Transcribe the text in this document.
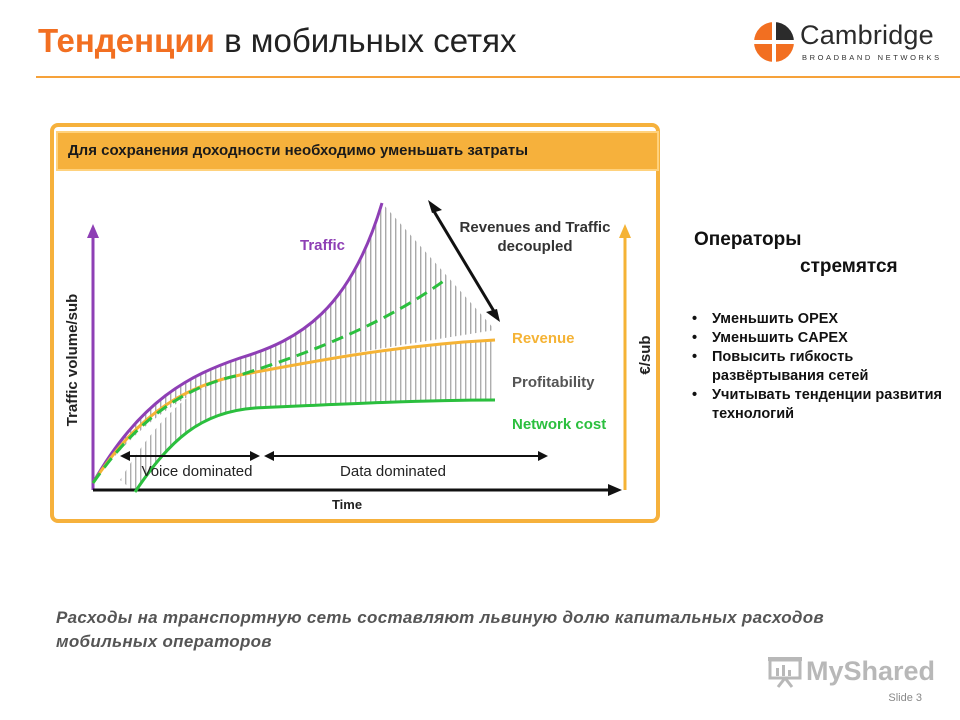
Тенденции в мобильных сетях	Cambridge
BROADBAND NETWORKS
Для сохранения доходности необходимо уменьшать затраты
Traffic
Revenue
Profitability
Network cost
Revenues and Traffic
decoupled
Voice dominated	Data dominated
Time
Traffic volume/sub	€/sub
Операторы
стремятся
• Уменьшить OPEX
• Уменьшить CAPEX
• Повысить гибкость развёртывания сетей
• Учитывать тенденции развития технологий
Расходы на транспортную сеть составляют львиную долю капитальных расходов мобильных операторов
MyShared
Slide 3
